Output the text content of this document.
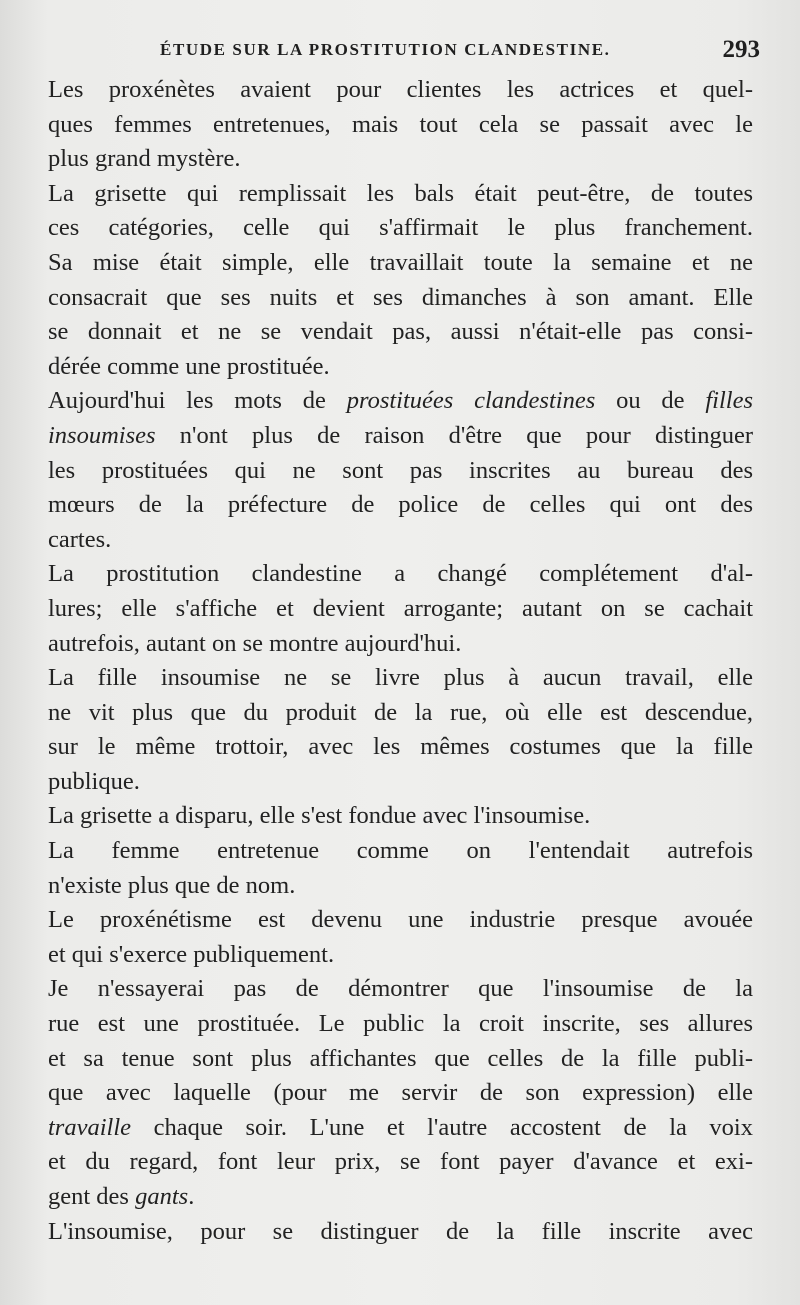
ÉTUDE SUR LA PROSTITUTION CLANDESTINE.	293

Les proxénètes avaient pour clientes les actrices et quel-
ques femmes entretenues, mais tout cela se passait avec le

plus grand mystère.

La grisette qui remplissait les bals était peut-être, de toutes
ces catégories, celle qui s'affirmait le plus franchement.
Sa mise était simple, elle travaillait toute la semaine et ne
consacrait que ses nuits et ses dimanches à son amant. Elle
se donnait et ne se vendait pas, aussi n'était-elle pas consi-

dérée comme une prostituée.

Aujourd'hui les mots de prostituées clandestines ou de filles
insoumises n'ont plus de raison d'être que pour distinguer
les prostituées qui ne sont pas inscrites au bureau des
mœurs de la préfecture de police de celles qui ont des

cartes.

La prostitution clandestine a changé complétement d'al-
lures; elle s'affiche et devient arrogante; autant on se cachait

autrefois, autant on se montre aujourd'hui.

La fille insoumise ne se livre plus à aucun travail, elle
ne vit plus que du produit de la rue, où elle est descendue,
sur le même trottoir, avec les mêmes costumes que la fille

publique.

La grisette a disparu, elle s'est fondue avec l'insoumise.

La femme entretenue comme on l'entendait autrefois

n'existe plus que de nom.

Le proxénétisme est devenu une industrie presque avouée

et qui s'exerce publiquement.

Je n'essayerai pas de démontrer que l'insoumise de la
rue est une prostituée. Le public la croit inscrite, ses allures
et sa tenue sont plus affichantes que celles de la fille publi-
que avec laquelle (pour me servir de son expression) elle
travaille chaque soir. L'une et l'autre accostent de la voix
et du regard, font leur prix, se font payer d'avance et exi-

gent des gants.

L'insoumise, pour se distinguer de la fille inscrite avec
